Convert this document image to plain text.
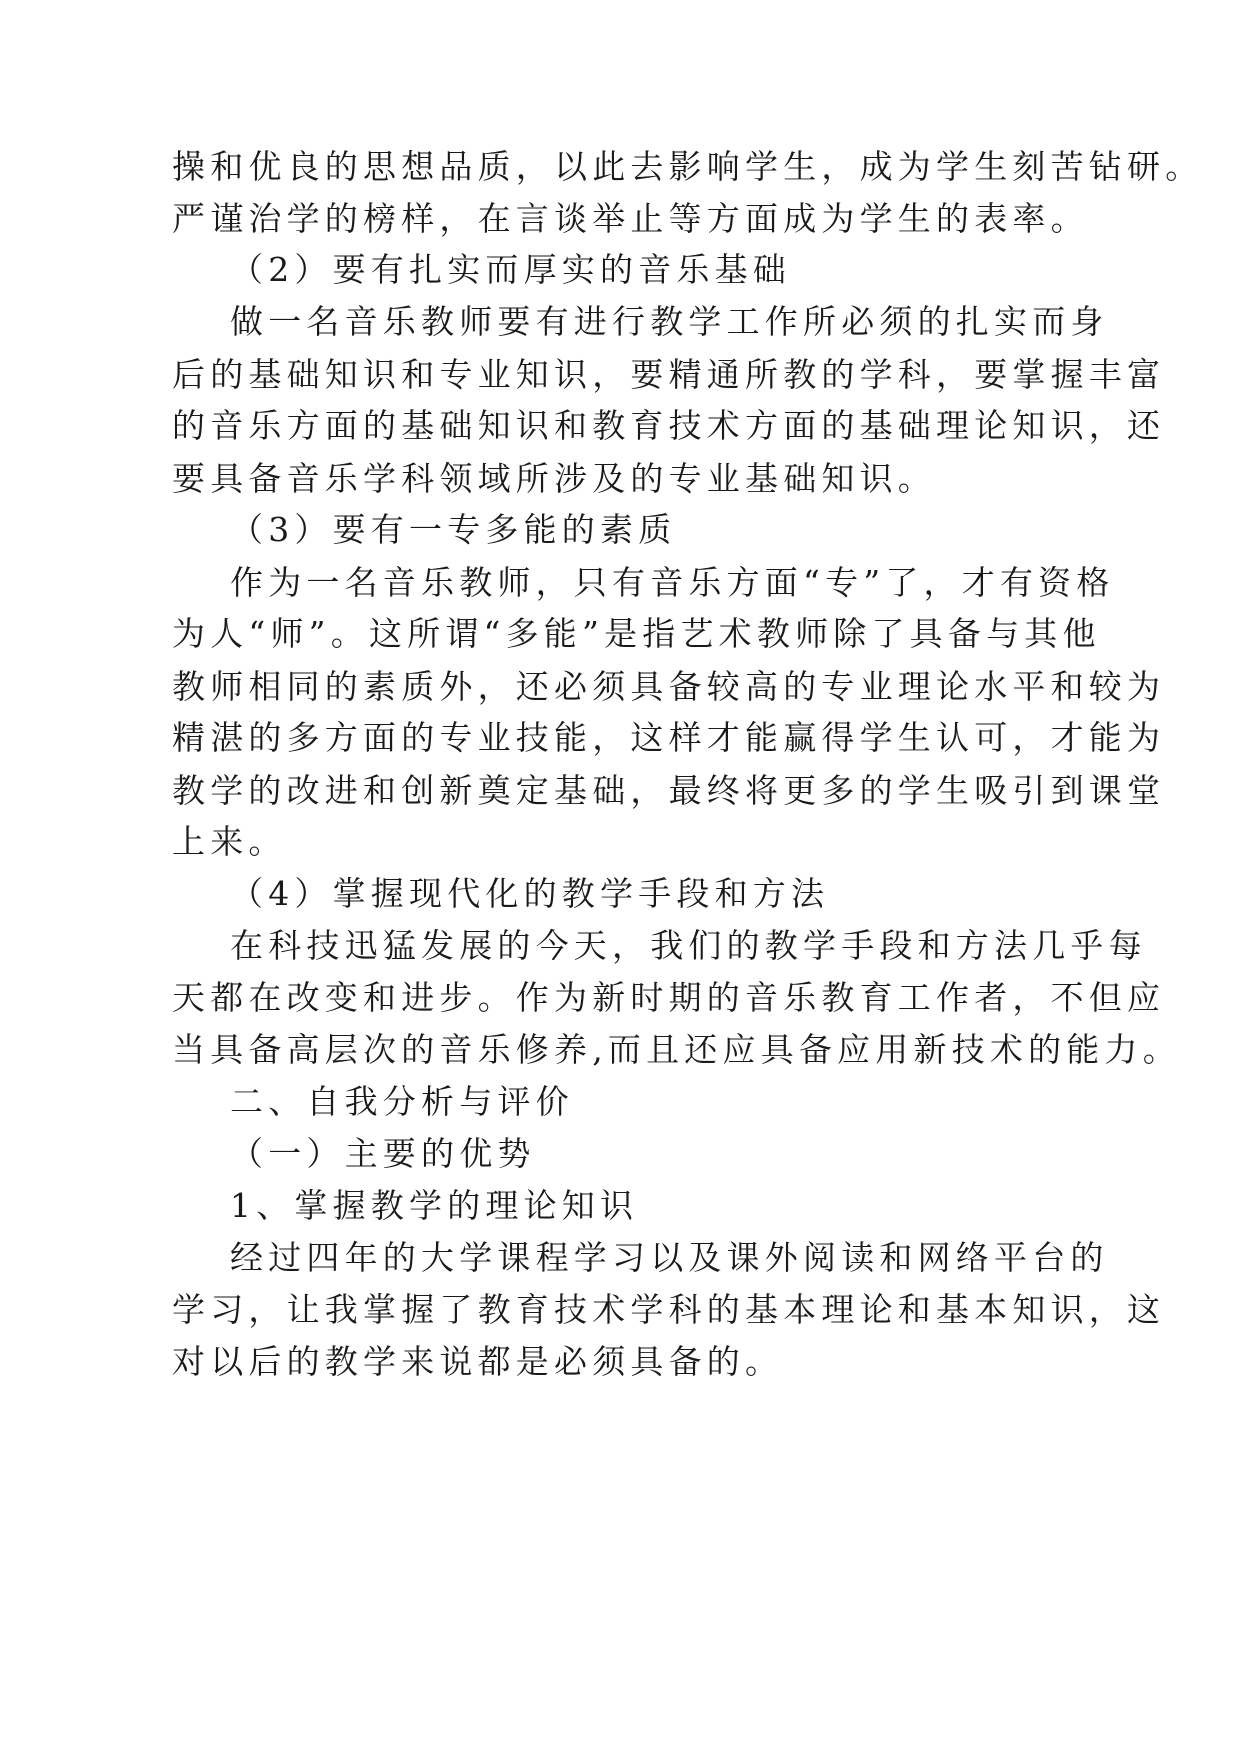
操和优良的思想品质，以此去影响学生，成为学生刻苦钻研。
严谨治学的榜样，在言谈举止等方面成为学生的表率。
（2）要有扎实而厚实的音乐基础
做一名音乐教师要有进行教学工作所必须的扎实而身
后的基础知识和专业知识，要精通所教的学科，要掌握丰富
的音乐方面的基础知识和教育技术方面的基础理论知识，还
要具备音乐学科领域所涉及的专业基础知识。
（3）要有一专多能的素质
作为一名音乐教师，只有音乐方面“专”了，才有资格
为人“师”。这所谓“多能”是指艺术教师除了具备与其他
教师相同的素质外，还必须具备较高的专业理论水平和较为
精湛的多方面的专业技能，这样才能赢得学生认可，才能为
教学的改进和创新奠定基础，最终将更多的学生吸引到课堂
上来。
（4）掌握现代化的教学手段和方法
在科技迅猛发展的今天，我们的教学手段和方法几乎每
天都在改变和进步。作为新时期的音乐教育工作者，不但应
当具备高层次的音乐修养,而且还应具备应用新技术的能力。
二、自我分析与评价
（一）主要的优势
1、掌握教学的理论知识
经过四年的大学课程学习以及课外阅读和网络平台的
学习，让我掌握了教育技术学科的基本理论和基本知识，这
对以后的教学来说都是必须具备的。
